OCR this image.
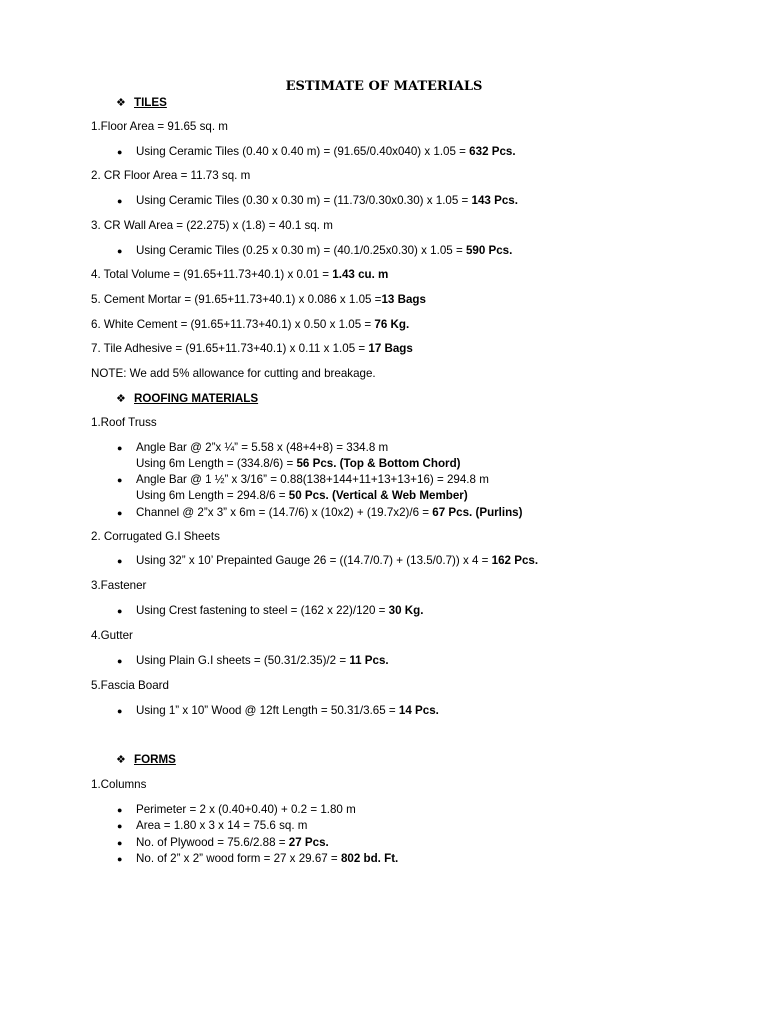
ESTIMATE OF MATERIALS
❖ TILES
1.Floor Area = 91.65 sq. m
● Using Ceramic Tiles (0.40 x 0.40 m) = (91.65/0.40x040) x 1.05 = 632 Pcs.
2. CR Floor Area = 11.73 sq. m
● Using Ceramic Tiles (0.30 x 0.30 m) = (11.73/0.30x0.30) x 1.05 = 143 Pcs.
3. CR Wall Area = (22.275) x (1.8) = 40.1 sq. m
● Using Ceramic Tiles (0.25 x 0.30 m) = (40.1/0.25x0.30) x 1.05 = 590 Pcs.
4. Total Volume = (91.65+11.73+40.1) x 0.01 = 1.43 cu. m
5. Cement Mortar = (91.65+11.73+40.1) x 0.086 x 1.05 =13 Bags
6. White Cement = (91.65+11.73+40.1) x 0.50 x 1.05 = 76 Kg.
7. Tile Adhesive = (91.65+11.73+40.1) x 0.11 x 1.05 = 17 Bags
NOTE: We add 5% allowance for cutting and breakage.
❖ ROOFING MATERIALS
1.Roof Truss
● Angle Bar @ 2”x ¼” = 5.58 x (48+4+8) = 334.8 m
Using 6m Length = (334.8/6) = 56 Pcs. (Top & Bottom Chord)
● Angle Bar @ 1 ½” x 3/16” = 0.88(138+144+11+13+13+16) = 294.8 m
Using 6m Length = 294.8/6 = 50 Pcs. (Vertical & Web Member)
● Channel @ 2”x 3” x 6m = (14.7/6) x (10x2) + (19.7x2)/6 = 67 Pcs. (Purlins)
2. Corrugated G.I Sheets
● Using 32” x 10’ Prepainted Gauge 26 = ((14.7/0.7) + (13.5/0.7)) x 4 = 162 Pcs.
3.Fastener
● Using Crest fastening to steel = (162 x 22)/120 = 30 Kg.
4.Gutter
● Using Plain G.I sheets = (50.31/2.35)/2 = 11 Pcs.
5.Fascia Board
● Using 1” x 10” Wood @ 12ft Length = 50.31/3.65 = 14 Pcs.
❖ FORMS
1.Columns
● Perimeter = 2 x (0.40+0.40) + 0.2 = 1.80 m
● Area = 1.80 x 3 x 14 = 75.6 sq. m
● No. of Plywood = 75.6/2.88 = 27 Pcs.
● No. of 2” x 2” wood form = 27 x 29.67 = 802 bd. Ft.
